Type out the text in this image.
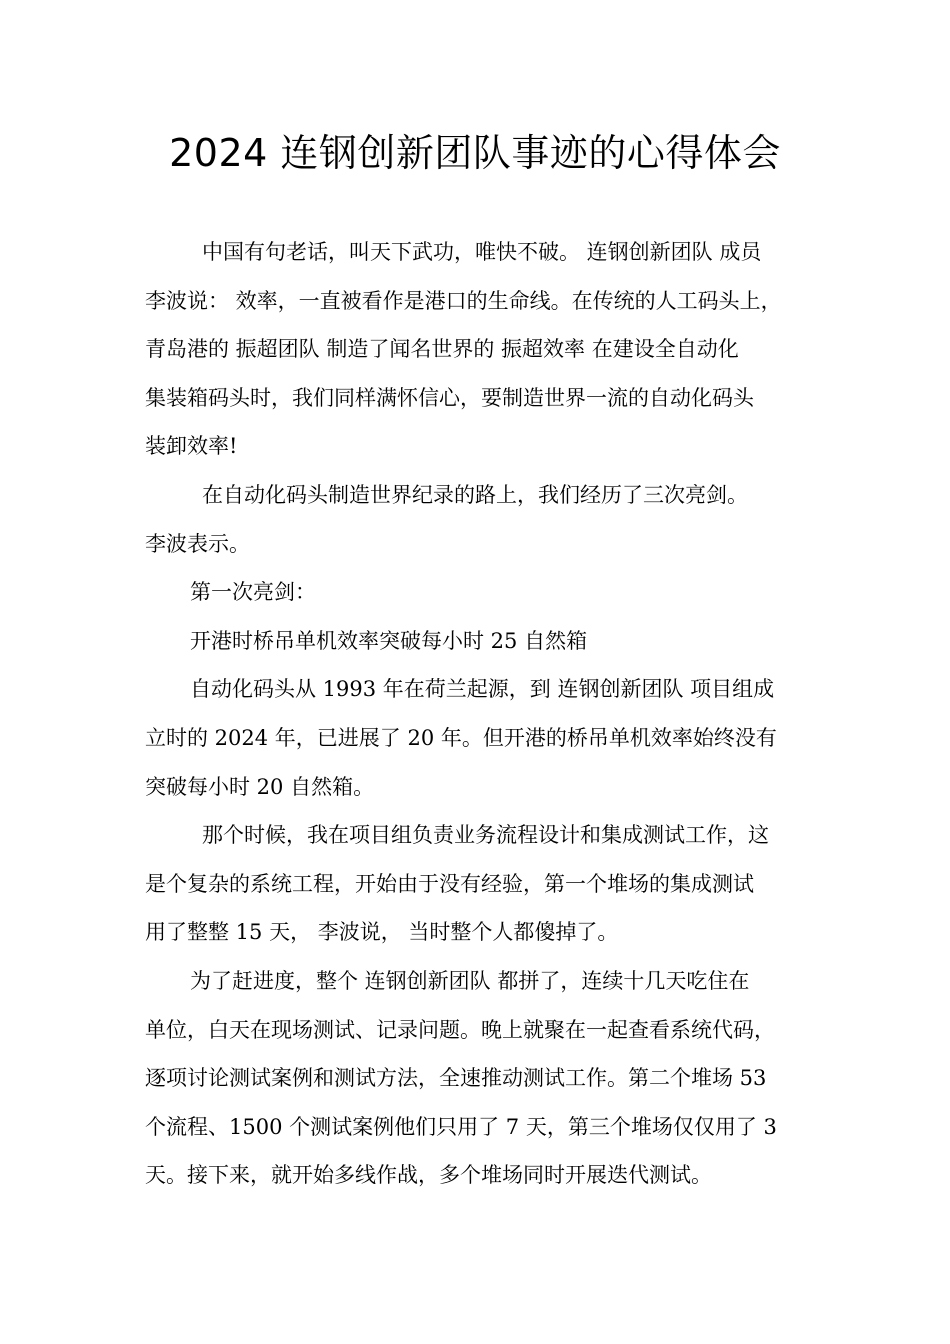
2024 连钢创新团队事迹的心得体会
中国有句老话，叫天下武功，唯快不破。 连钢创新团队 成员
李波说： 效率，一直被看作是港口的生命线。在传统的人工码头上，
青岛港的 振超团队 制造了闻名世界的 振超效率 在建设全自动化
集装箱码头时，我们同样满怀信心，要制造世界一流的自动化码头
装卸效率!
在自动化码头制造世界纪录的路上，我们经历了三次亮剑。
李波表示。
第一次亮剑：
开港时桥吊单机效率突破每小时 25 自然箱
自动化码头从 1993 年在荷兰起源，到 连钢创新团队 项目组成
立时的 2024 年，已进展了 20 年。但开港的桥吊单机效率始终没有
突破每小时 20 自然箱。
那个时候，我在项目组负责业务流程设计和集成测试工作，这
是个复杂的系统工程，开始由于没有经验，第一个堆场的集成测试
用了整整 15 天， 李波说， 当时整个人都傻掉了。
为了赶进度，整个 连钢创新团队 都拼了，连续十几天吃住在
单位，白天在现场测试、记录问题。晚上就聚在一起查看系统代码，
逐项讨论测试案例和测试方法，全速推动测试工作。第二个堆场 53
个流程、1500 个测试案例他们只用了 7 天，第三个堆场仅仅用了 3
天。接下来，就开始多线作战，多个堆场同时开展迭代测试。
